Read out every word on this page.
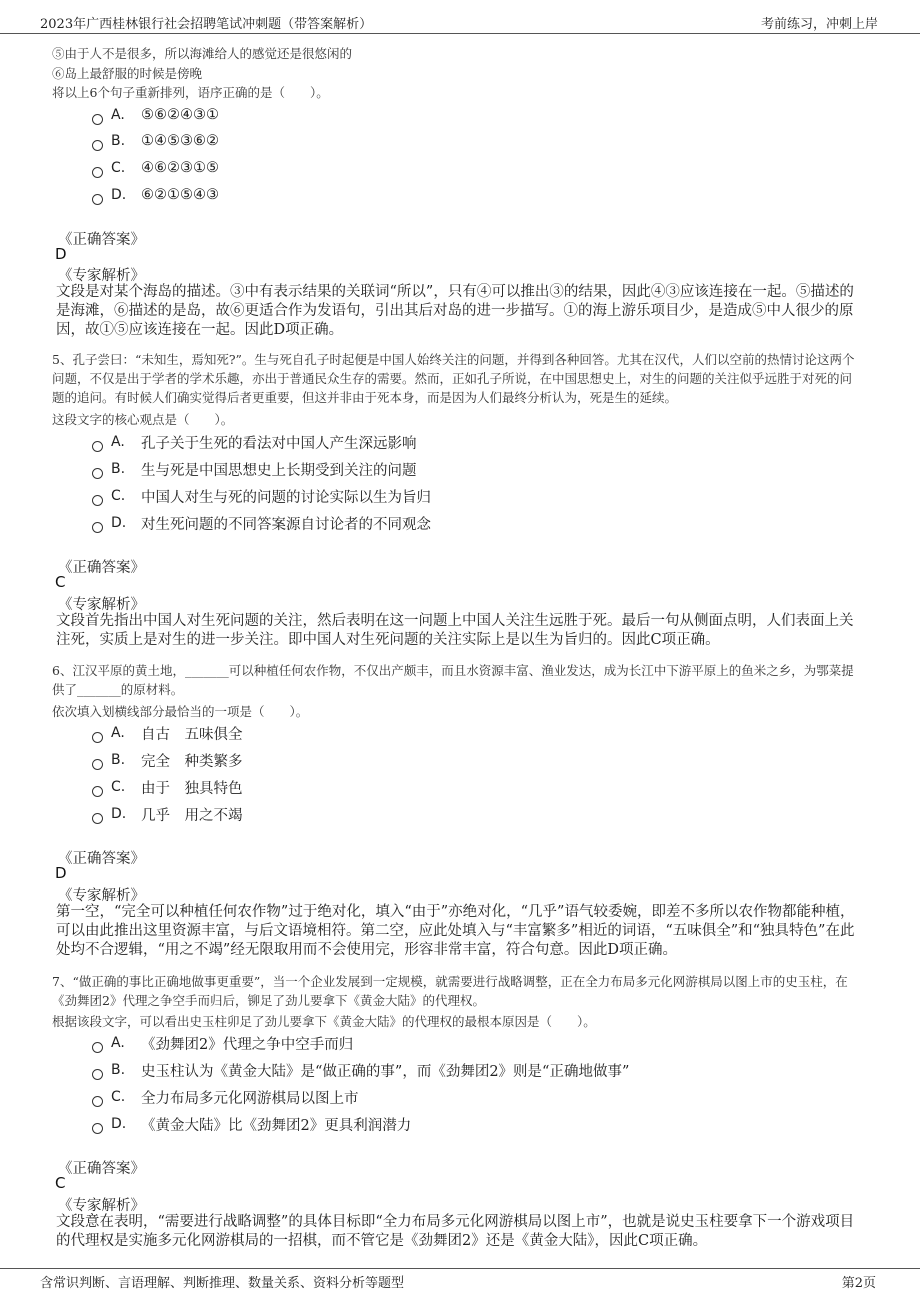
2023年广西桂林银行社会招聘笔试冲刺题（带答案解析）	考前练习，冲刺上岸
⑤由于人不是很多，所以海滩给人的感觉还是很悠闲的
⑥岛上最舒服的时候是傍晚
将以上6个句子重新排列，语序正确的是（　　）。
A.	⑤⑥②④③①
B.	①④⑤③⑥②
C.	④⑥②③①⑤
D.	⑥②①⑤④③
《正确答案》
D
《专家解析》
文段是对某个海岛的描述。③中有表示结果的关联词“所以”，只有④可以推出③的结果，因此④③应该连接在一起。⑤描述的是海滩，⑥描述的是岛，故⑥更适合作为发语句，引出其后对岛的进一步描写。①的海上游乐项目少，是造成⑤中人很少的原因，故①⑤应该连接在一起。因此D项正确。
5、孔子尝曰：“未知生，焉知死?”。生与死自孔子时起便是中国人始终关注的问题，并得到各种回答。尤其在汉代，人们以空前的热情讨论这两个问题，不仅是出于学者的学术乐趣，亦出于普通民众生存的需要。然而，正如孔子所说，在中国思想史上，对生的问题的关注似乎远胜于对死的问题的追问。有时候人们确实觉得后者更重要，但这并非由于死本身，而是因为人们最终分析认为，死是生的延续。
这段文字的核心观点是（　　）。
A.	孔子关于生死的看法对中国人产生深远影响
B.	生与死是中国思想史上长期受到关注的问题
C.	中国人对生与死的问题的讨论实际以生为旨归
D.	对生死问题的不同答案源自讨论者的不同观念
《正确答案》
C
《专家解析》
文段首先指出中国人对生死问题的关注，然后表明在这一问题上中国人关注生远胜于死。最后一句从侧面点明，人们表面上关注死，实质上是对生的进一步关注。即中国人对生死问题的关注实际上是以生为旨归的。因此C项正确。
6、江汉平原的黄土地，_______可以种植任何农作物，不仅出产颇丰，而且水资源丰富、渔业发达，成为长江中下游平原上的鱼米之乡，为鄂菜提供了_______的原材料。
依次填入划横线部分最恰当的一项是（　　）。
A.	自古　五味俱全
B.	完全　种类繁多
C.	由于　独具特色
D.	几乎　用之不竭
《正确答案》
D
《专家解析》
第一空，“完全可以种植任何农作物”过于绝对化，填入“由于”亦绝对化，“几乎”语气较委婉，即差不多所以农作物都能种植，可以由此推出这里资源丰富，与后文语境相符。第二空，应此处填入与“丰富繁多”相近的词语，“五味俱全”和“独具特色”在此处均不合逻辑，“用之不竭”经无限取用而不会使用完，形容非常丰富，符合句意。因此D项正确。
7、“做正确的事比正确地做事更重要”，当一个企业发展到一定规模，就需要进行战略调整，正在全力布局多元化网游棋局以图上市的史玉柱，在《劲舞团2》代理之争空手而归后，铆足了劲儿要拿下《黄金大陆》的代理权。
根据该段文字，可以看出史玉柱卯足了劲儿要拿下《黄金大陆》的代理权的最根本原因是（　　）。
A.	《劲舞团2》代理之争中空手而归
B.	史玉柱认为《黄金大陆》是“做正确的事”，而《劲舞团2》则是“正确地做事”
C.	全力布局多元化网游棋局以图上市
D.	《黄金大陆》比《劲舞团2》更具利润潜力
《正确答案》
C
《专家解析》
文段意在表明，“需要进行战略调整”的具体目标即“全力布局多元化网游棋局以图上市”，也就是说史玉柱要拿下一个游戏项目的代理权是实施多元化网游棋局的一招棋，而不管它是《劲舞团2》还是《黄金大陆》，因此C项正确。
含常识判断、言语理解、判断推理、数量关系、资料分析等题型	第2页
